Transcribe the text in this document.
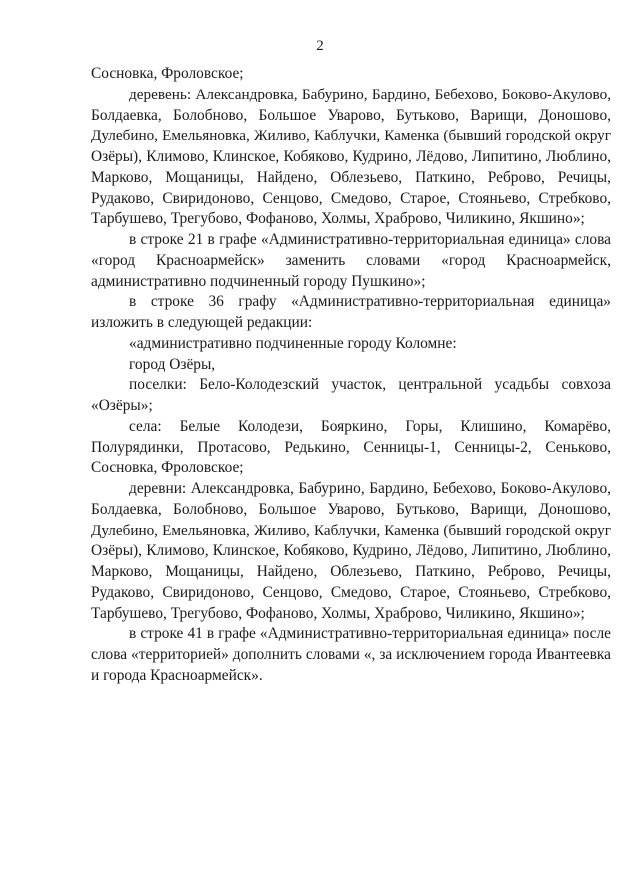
2
Сосновка, Фроловское;
деревень: Александровка, Бабурино, Бардино, Бебехово, Боково-Акулово,
Болдаевка, Болобново, Большое Уварово, Бутьково, Варищи, Доношово,
Дулебино, Емельяновка, Жиливо, Каблучки, Каменка (бывший городской округ
Озёры), Климово, Клинское, Кобяково, Кудрино, Лёдово, Липитино, Люблино,
Марково, Мощаницы, Найдено, Облезьево, Паткино, Реброво, Речицы,
Рудаково, Свиридоново, Сенцово, Смедово, Старое, Стояньево, Стребково,
Тарбушево, Трегубово, Фофаново, Холмы, Храброво, Чиликино, Якшино»;
в строке 21 в графе «Административно-территориальная единица» слова
«город Красноармейск» заменить словами «город Красноармейск,
административно подчиненный городу Пушкино»;
в строке 36 графу «Административно-территориальная единица»
изложить в следующей редакции:
«административно подчиненные городу Коломне:
город Озёры,
поселки: Бело-Колодезский участок, центральной усадьбы совхоза
«Озёры»;
села: Белые Колодези, Бояркино, Горы, Клишино, Комарёво,
Полурядинки, Протасово, Редькино, Сенницы-1, Сенницы-2, Сеньково,
Сосновка, Фроловское;
деревни: Александровка, Бабурино, Бардино, Бебехово, Боково-Акулово,
Болдаевка, Болобново, Большое Уварово, Бутьково, Варищи, Доношово,
Дулебино, Емельяновка, Жиливо, Каблучки, Каменка (бывший городской округ
Озёры), Климово, Клинское, Кобяково, Кудрино, Лёдово, Липитино, Люблино,
Марково, Мощаницы, Найдено, Облезьево, Паткино, Реброво, Речицы,
Рудаково, Свиридоново, Сенцово, Смедово, Старое, Стояньево, Стребково,
Тарбушево, Трегубово, Фофаново, Холмы, Храброво, Чиликино, Якшино»;
в строке 41 в графе «Административно-территориальная единица» после
слова «территорией» дополнить словами «, за исключением города Ивантеевка
и города Красноармейск».
